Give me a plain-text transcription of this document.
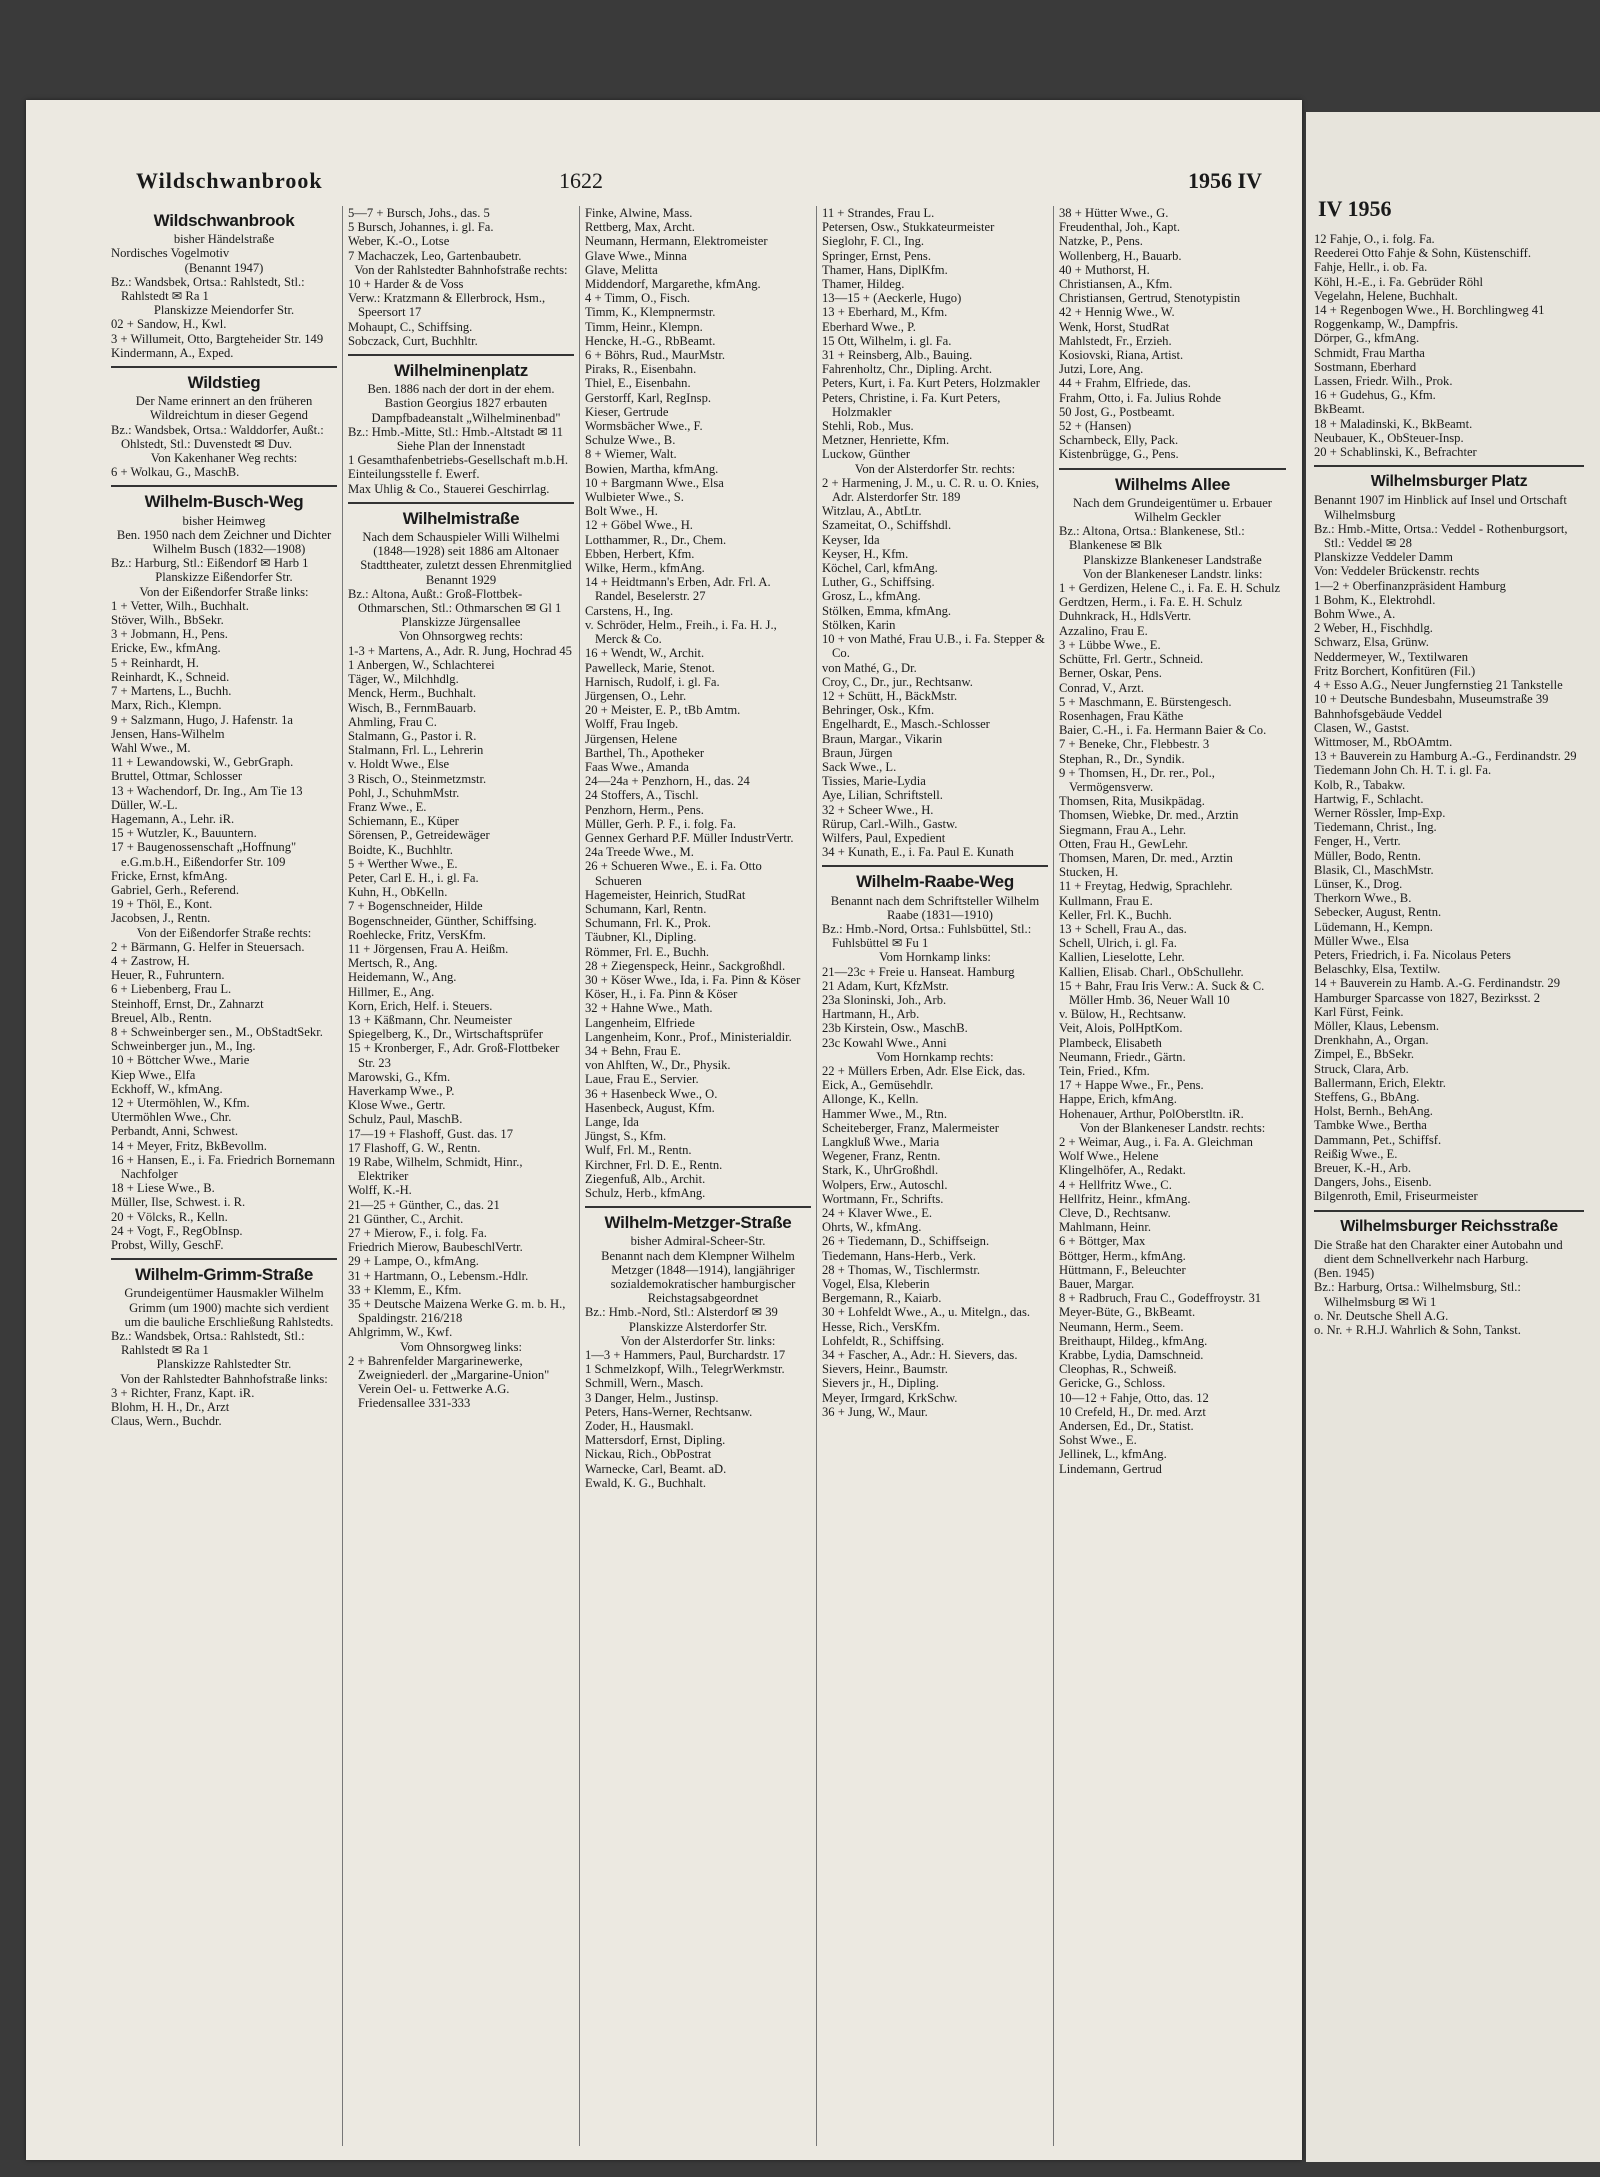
Wildschwanbrook	1622	1956 IV
Wildschwanbrook
bisher Händelstraße
Nordisches Vogelmotiv
(Benannt 1947)
Bz.: Wandsbek, Ortsa.: Rahlstedt, Stl.: Rahlstedt ✉ Ra 1
Planskizze Meiendorfer Str.
02 + Sandow, H., Kwl.
3 + Willumeit, Otto, Bargteheider Str. 149
Kindermann, A., Exped.
Wildstieg
Der Name erinnert an den früheren Wildreichtum in dieser Gegend
Bz.: Wandsbek, Ortsa.: Walddorfer, Außt.: Ohlstedt, Stl.: Duvenstedt ✉ Duv.
Von Kakenhaner Weg rechts:
6 + Wolkau, G., MaschB.
Wilhelm-Busch-Weg
bisher Heimweg
Ben. 1950 nach dem Zeichner und Dichter Wilhelm Busch (1832—1908)
Bz.: Harburg, Stl.: Eißendorf ✉ Harb 1
Planskizze Eißendorfer Str.
Von der Eißendorfer Straße links:
1 + Vetter, Wilh., Buchhalt.
Stöver, Wilh., BbSekr.
3 + Jobmann, H., Pens.
Ericke, Ew., kfmAng.
5 + Reinhardt, H.
Reinhardt, K., Schneid.
7 + Martens, L., Buchh.
Marx, Rich., Klempn.
9 + Salzmann, Hugo, J. Hafenstr. 1a
Jensen, Hans-Wilhelm
Wahl Wwe., M.
11 + Lewandowski, W., GebrGraph.
Bruttel, Ottmar, Schlosser
13 + Wachendorf, Dr. Ing., Am Tie 13
Düller, W.-L.
Hagemann, A., Lehr. iR.
15 + Wutzler, K., Bauuntern.
17 + Baugenossenschaft „Hoffnung" e.G.m.b.H., Eißendorfer Str. 109
Fricke, Ernst, kfmAng.
Gabriel, Gerh., Referend.
19 + Thöl, E., Kont.
Jacobsen, J., Rentn.
Von der Eißendorfer Straße rechts:
2 + Bärmann, G. Helfer in Steuersach.
4 + Zastrow, H.
Heuer, R., Fuhruntern.
6 + Liebenberg, Frau L.
Steinhoff, Ernst, Dr., Zahnarzt
Breuel, Alb., Rentn.
8 + Schweinberger sen., M., ObStadtSekr.
Schweinberger jun., M., Ing.
10 + Böttcher Wwe., Marie
Kiep Wwe., Elfa
Eckhoff, W., kfmAng.
12 + Utermöhlen, W., Kfm.
Utermöhlen Wwe., Chr.
Perbandt, Anni, Schwest.
14 + Meyer, Fritz, BkBevollm.
16 + Hansen, E., i. Fa. Friedrich Bornemann Nachfolger
18 + Liese Wwe., B.
Müller, Ilse, Schwest. i. R.
20 + Völcks, R., Kelln.
24 + Vogt, F., RegObInsp.
Probst, Willy, GeschF.
Wilhelm-Grimm-Straße
Grundeigentümer Hausmakler Wilhelm Grimm (um 1900) machte sich verdient um die bauliche Erschließung Rahlstedts.
Bz.: Wandsbek, Ortsa.: Rahlstedt, Stl.: Rahlstedt ✉ Ra 1
Planskizze Rahlstedter Str.
Von der Rahlstedter Bahnhofstraße links:
3 + Richter, Franz, Kapt. iR.
Blohm, H. H., Dr., Arzt
Claus, Wern., Buchdr.
5—7 + Bursch, Johs., das. 5
5 Bursch, Johannes, i. gl. Fa.
Weber, K.-O., Lotse
7 Machaczek, Leo, Gartenbaubetr.
Von der Rahlstedter Bahnhofstraße rechts:
10 + Harder & de Voss
Verw.: Kratzmann & Ellerbrock, Hsm., Speersort 17
Mohaupt, C., Schiffsing.
Sobczack, Curt, Buchhltr.
Wilhelminenplatz
Ben. 1886 nach der dort in der ehem. Bastion Georgius 1827 erbauten Dampfbadeanstalt „Wilhelminenbad"
Bz.: Hmb.-Mitte, Stl.: Hmb.-Altstadt ✉ 11
Siehe Plan der Innenstadt
1 Gesamthafenbetriebs-Gesellschaft m.b.H.
Einteilungsstelle f. Ewerf.
Max Uhlig & Co., Stauerei Geschirrlag.
Wilhelmistraße
Nach dem Schauspieler Willi Wilhelmi (1848—1928) seit 1886 am Altonaer Stadttheater, zuletzt dessen Ehrenmitglied
Benannt 1929
Bz.: Altona, Außt.: Groß-Flottbek-Othmarschen, Stl.: Othmarschen ✉ Gl 1
Planskizze Jürgensallee
Von Ohnsorgweg rechts:
1-3 + Martens, A., Adr. R. Jung, Hochrad 45
1 Anbergen, W., Schlachterei
Täger, W., Milchhdlg.
Menck, Herm., Buchhalt.
Wisch, B., FernmBauarb.
Ahmling, Frau C.
Stalmann, G., Pastor i. R.
Stalmann, Frl. L., Lehrerin
v. Holdt Wwe., Else
3 Risch, O., Steinmetzmstr.
Pohl, J., SchuhmMstr.
Franz Wwe., E.
Schiemann, E., Küper
Sörensen, P., Getreidewäger
Boidte, K., Buchhltr.
5 + Werther Wwe., E.
Peter, Carl E. H., i. gl. Fa.
Kuhn, H., ObKelln.
7 + Bogenschneider, Hilde
Bogenschneider, Günther, Schiffsing.
Roehlecke, Fritz, VersKfm.
11 + Jörgensen, Frau A. Heißm.
Mertsch, R., Ang.
Heidemann, W., Ang.
Hillmer, E., Ang.
Korn, Erich, Helf. i. Steuers.
13 + Käßmann, Chr. Neumeister
Spiegelberg, K., Dr., Wirtschaftsprüfer
15 + Kronberger, F., Adr. Groß-Flottbeker Str. 23
Marowski, G., Kfm.
Haverkamp Wwe., P.
Klose Wwe., Gertr.
Schulz, Paul, MaschB.
17—19 + Flashoff, Gust. das. 17
17 Flashoff, G. W., Rentn.
19 Rabe, Wilhelm, Schmidt, Hinr., Elektriker
Wolff, K.-H.
21—25 + Günther, C., das. 21
21 Günther, C., Archit.
27 + Mierow, F., i. folg. Fa.
Friedrich Mierow, BaubeschlVertr.
29 + Lampe, O., kfmAng.
31 + Hartmann, O., Lebensm.-Hdlr.
33 + Klemm, E., Kfm.
35 + Deutsche Maizena Werke G. m. b. H., Spaldingstr. 216/218
Ahlgrimm, W., Kwf.
Vom Ohnsorgweg links:
2 + Bahrenfelder Margarinewerke, Zweigniederl. der „Margarine-Union" Verein Oel- u. Fettwerke A.G. Friedensallee 331-333
Finke, Alwine, Mass.
Rettberg, Max, Archt.
Neumann, Hermann, Elektromeister
Glave Wwe., Minna
Glave, Melitta
Middendorf, Margarethe, kfmAng.
4 + Timm, O., Fisch.
Timm, K., Klempnermstr.
Timm, Heinr., Klempn.
Hencke, H.-G., RbBeamt.
6 + Böhrs, Rud., MaurMstr.
Piraks, R., Eisenbahn.
Thiel, E., Eisenbahn.
Gerstorff, Karl, RegInsp.
Kieser, Gertrude
Wormsbächer Wwe., F.
Schulze Wwe., B.
8 + Wiemer, Walt.
Bowien, Martha, kfmAng.
10 + Bargmann Wwe., Elsa
Wulbieter Wwe., S.
Bolt Wwe., H.
12 + Göbel Wwe., H.
Lotthammer, R., Dr., Chem.
Ebben, Herbert, Kfm.
Wilke, Herm., kfmAng.
14 + Heidtmann's Erben, Adr. Frl. A. Randel, Beselerstr. 27
Carstens, H., Ing.
v. Schröder, Helm., Freih., i. Fa. H. J., Merck & Co.
16 + Wendt, W., Archit.
Pawelleck, Marie, Stenot.
Harnisch, Rudolf, i. gl. Fa.
Jürgensen, O., Lehr.
20 + Meister, E. P., tBb Amtm.
Wolff, Frau Ingeb.
Jürgensen, Helene
Barthel, Th., Apotheker
Faas Wwe., Amanda
24—24a + Penzhorn, H., das. 24
24 Stoffers, A., Tischl.
Penzhorn, Herm., Pens.
Müller, Gerh. P. F., i. folg. Fa.
Gennex Gerhard P.F. Müller IndustrVertr.
24a Treede Wwe., M.
26 + Schueren Wwe., E. i. Fa. Otto Schueren
Hagemeister, Heinrich, StudRat
Schumann, Karl, Rentn.
Schumann, Frl. K., Prok.
Täubner, Kl., Dipling.
Römmer, Frl. E., Buchh.
28 + Ziegenspeck, Heinr., Sackgroßhdl.
30 + Köser Wwe., Ida, i. Fa. Pinn & Köser
Köser, H., i. Fa. Pinn & Köser
32 + Hahne Wwe., Math.
Langenheim, Elfriede
Langenheim, Konr., Prof., Ministerialdir.
34 + Behn, Frau E.
von Ahlften, W., Dr., Physik.
Laue, Frau E., Servier.
36 + Hasenbeck Wwe., O.
Hasenbeck, August, Kfm.
Lange, Ida
Jüngst, S., Kfm.
Wulf, Frl. M., Rentn.
Kirchner, Frl. D. E., Rentn.
Ziegenfuß, Alb., Archit.
Schulz, Herb., kfmAng.
Wilhelm-Metzger-Straße
bisher Admiral-Scheer-Str.
Benannt nach dem Klempner Wilhelm Metzger (1848—1914), langjähriger sozialdemokratischer hamburgischer Reichstagsabgeordnet
Bz.: Hmb.-Nord, Stl.: Alsterdorf ✉ 39
Planskizze Alsterdorfer Str.
Von der Alsterdorfer Str. links:
1—3 + Hammers, Paul, Burchardstr. 17
1 Schmelzkopf, Wilh., TelegrWerkmstr.
Schmill, Wern., Masch.
3 Danger, Helm., Justinsp.
Peters, Hans-Werner, Rechtsanw.
Zoder, H., Hausmakl.
Mattersdorf, Ernst, Dipling.
Nickau, Rich., ObPostrat
Warnecke, Carl, Beamt. aD.
Ewald, K. G., Buchhalt.
11 + Strandes, Frau L.
Petersen, Osw., Stukkateurmeister
Sieglohr, F. Cl., Ing.
Springer, Ernst, Pens.
Thamer, Hans, DiplKfm.
Thamer, Hildeg.
13—15 + (Aeckerle, Hugo)
13 + Eberhard, M., Kfm.
Eberhard Wwe., P.
15 Ott, Wilhelm, i. gl. Fa.
31 + Reinsberg, Alb., Bauing.
Fahrenholtz, Chr., Dipling. Archt.
Peters, Kurt, i. Fa. Kurt Peters, Holzmakler
Peters, Christine, i. Fa. Kurt Peters, Holzmakler
Stehli, Rob., Mus.
Metzner, Henriette, Kfm.
Luckow, Günther
Von der Alsterdorfer Str. rechts:
2 + Harmening, J. M., u. C. R. u. O. Knies, Adr. Alsterdorfer Str. 189
Witzlau, A., AbtLtr.
Szameitat, O., Schiffshdl.
Keyser, Ida
Keyser, H., Kfm.
Köchel, Carl, kfmAng.
Luther, G., Schiffsing.
Grosz, L., kfmAng.
Stölken, Emma, kfmAng.
Stölken, Karin
10 + von Mathé, Frau U.B., i. Fa. Stepper & Co.
von Mathé, G., Dr.
Croy, C., Dr., jur., Rechtsanw.
12 + Schütt, H., BäckMstr.
Behringer, Osk., Kfm.
Engelhardt, E., Masch.-Schlosser
Braun, Margar., Vikarin
Braun, Jürgen
Sack Wwe., L.
Tissies, Marie-Lydia
Aye, Lilian, Schriftstell.
32 + Scheer Wwe., H.
Rürup, Carl.-Wilh., Gastw.
Wilfers, Paul, Expedient
34 + Kunath, E., i. Fa. Paul E. Kunath
Wilhelm-Raabe-Weg
Benannt nach dem Schriftsteller Wilhelm Raabe (1831—1910)
Bz.: Hmb.-Nord, Ortsa.: Fuhlsbüttel, Stl.: Fuhlsbüttel ✉ Fu 1
Vom Hornkamp links:
21—23c + Freie u. Hanseat. Hamburg
21 Adam, Kurt, KfzMstr.
23a Sloninski, Joh., Arb.
Hartmann, H., Arb.
23b Kirstein, Osw., MaschB.
23c Kowahl Wwe., Anni
Vom Hornkamp rechts:
22 + Müllers Erben, Adr. Else Eick, das.
Eick, A., Gemüsehdlr.
Allonge, K., Kelln.
Hammer Wwe., M., Rtn.
Scheiteberger, Franz, Malermeister
Langkluß Wwe., Maria
Wegener, Franz, Rentn.
Stark, K., UhrGroßhdl.
Wolpers, Erw., Autoschl.
Wortmann, Fr., Schrifts.
24 + Klaver Wwe., E.
Ohrts, W., kfmAng.
26 + Tiedemann, D., Schiffseign.
Tiedemann, Hans-Herb., Verk.
28 + Thomas, W., Tischlermstr.
Vogel, Elsa, Kleberin
Bergemann, R., Kaiarb.
30 + Lohfeldt Wwe., A., u. Mitelgn., das.
Hesse, Rich., VersKfm.
Lohfeldt, R., Schiffsing.
34 + Fascher, A., Adr.: H. Sievers, das.
Sievers, Heinr., Baumstr.
Sievers jr., H., Dipling.
Meyer, Irmgard, KrkSchw.
36 + Jung, W., Maur.
38 + Hütter Wwe., G.
Freudenthal, Joh., Kapt.
Natzke, P., Pens.
Wollenberg, H., Bauarb.
40 + Muthorst, H.
Christiansen, A., Kfm.
Christiansen, Gertrud, Stenotypistin
42 + Hennig Wwe., W.
Wenk, Horst, StudRat
Mahlstedt, Fr., Erzieh.
Kosiovski, Riana, Artist.
Jutzi, Lore, Ang.
44 + Frahm, Elfriede, das.
Frahm, Otto, i. Fa. Julius Rohde
50 Jost, G., Postbeamt.
52 + (Hansen)
Scharnbeck, Elly, Pack.
Kistenbrügge, G., Pens.
Wilhelms Allee
Nach dem Grundeigentümer u. Erbauer Wilhelm Geckler
Bz.: Altona, Ortsa.: Blankenese, Stl.: Blankenese ✉ Blk
Planskizze Blankeneser Landstraße
Von der Blankeneser Landstr. links:
1 + Gerdizen, Helene C., i. Fa. E. H. Schulz
Gerdtzen, Herm., i. Fa. E. H. Schulz
Duhnkrack, H., HdlsVertr.
Azzalino, Frau E.
3 + Lübbe Wwe., E.
Schütte, Frl. Gertr., Schneid.
Berner, Oskar, Pens.
Conrad, V., Arzt.
5 + Maschmann, E. Bürstengesch.
Rosenhagen, Frau Käthe
Baier, C.-H., i. Fa. Hermann Baier & Co.
7 + Beneke, Chr., Flebbestr. 3
Stephan, R., Dr., Syndik.
9 + Thomsen, H., Dr. rer., Pol., Vermögensverw.
Thomsen, Rita, Musikpädag.
Thomsen, Wiebke, Dr. med., Arztin
Siegmann, Frau A., Lehr.
Otten, Frau H., GewLehr.
Thomsen, Maren, Dr. med., Arztin
Stucken, H.
11 + Freytag, Hedwig, Sprachlehr.
Kullmann, Frau E.
Keller, Frl. K., Buchh.
13 + Schell, Frau A., das.
Schell, Ulrich, i. gl. Fa.
Kallien, Lieselotte, Lehr.
Kallien, Elisab. Charl., ObSchullehr.
15 + Bahr, Frau Iris Verw.: A. Suck & C. Möller Hmb. 36, Neuer Wall 10
v. Bülow, H., Rechtsanw.
Veit, Alois, PolHptKom.
Plambeck, Elisabeth
Neumann, Friedr., Gärtn.
Tein, Fried., Kfm.
17 + Happe Wwe., Fr., Pens.
Happe, Erich, kfmAng.
Hohenauer, Arthur, PolOberstltn. iR.
Von der Blankeneser Landstr. rechts:
2 + Weimar, Aug., i. Fa. A. Gleichman
Wolf Wwe., Helene
Klingelhöfer, A., Redakt.
4 + Hellfritz Wwe., C.
Hellfritz, Heinr., kfmAng.
Cleve, D., Rechtsanw.
Mahlmann, Heinr.
6 + Böttger, Max
Böttger, Herm., kfmAng.
Hüttmann, F., Beleuchter
Bauer, Margar.
8 + Radbruch, Frau C., Godeffroystr. 31
Meyer-Büte, G., BkBeamt.
Neumann, Herm., Seem.
Breithaupt, Hildeg., kfmAng.
Krabbe, Lydia, Damschneid.
Cleophas, R., Schweiß.
Gericke, G., Schloss.
10—12 + Fahje, Otto, das. 12
10 Crefeld, H., Dr. med. Arzt
Andersen, Ed., Dr., Statist.
Sohst Wwe., E.
Jellinek, L., kfmAng.
Lindemann, Gertrud
IV 1956
12 Fahje, O., i. folg. Fa.
Reederei Otto Fahje & Sohn, Küstenschiff.
Fahje, Hellr., i. ob. Fa.
Köhl, H.-E., i. Fa. Gebrüder Röhl
Vegelahn, Helene, Buchhalt.
14 + Regenbogen Wwe., H. Borchlingweg 41
Roggenkamp, W., Dampfris.
Dörper, G., kfmAng.
Schmidt, Frau Martha
Sostmann, Eberhard
Lassen, Friedr. Wilh., Prok.
16 + Gudehus, G., Kfm.
BkBeamt.
18 + Maladinski, K., BkBeamt.
Neubauer, K., ObSteuer-Insp.
20 + Schablinski, K., Befrachter
Wilhelmsburger Platz
Benannt 1907 im Hinblick auf Insel und Ortschaft Wilhelmsburg
Bz.: Hmb.-Mitte, Ortsa.: Veddel - Rothenburgsort, Stl.: Veddel ✉ 28
Planskizze Veddeler Damm
Von: Veddeler Brückenstr. rechts
1—2 + Oberfinanzpräsident Hamburg
1 Bohm, K., Elektrohdl.
Bohm Wwe., A.
2 Weber, H., Fischhdlg.
Schwarz, Elsa, Grünw.
Neddermeyer, W., Textilwaren
Fritz Borchert, Konfitüren (Fil.)
4 + Esso A.G., Neuer Jungfernstieg 21 Tankstelle
10 + Deutsche Bundesbahn, Museumstraße 39
Bahnhofsgebäude Veddel
Clasen, W., Gastst.
Wittmoser, M., RbOAmtm.
13 + Bauverein zu Hamburg A.-G., Ferdinandstr. 29
Tiedemann John Ch. H. T. i. gl. Fa.
Kolb, R., Tabakw.
Hartwig, F., Schlacht.
Werner Rössler, Imp-Exp.
Tiedemann, Christ., Ing.
Fenger, H., Vertr.
Müller, Bodo, Rentn.
Blasik, Cl., MaschMstr.
Lünser, K., Drog.
Therkorn Wwe., B.
Sebecker, August, Rentn.
Lüdemann, H., Kempn.
Müller Wwe., Elsa
Peters, Friedrich, i. Fa. Nicolaus Peters
Belaschky, Elsa, Textilw.
14 + Bauverein zu Hamb. A.-G. Ferdinandstr. 29
Hamburger Sparcasse von 1827, Bezirksst. 2
Karl Fürst, Feink.
Möller, Klaus, Lebensm.
Drenkhahn, A., Organ.
Zimpel, E., BbSekr.
Struck, Clara, Arb.
Ballermann, Erich, Elektr.
Steffens, G., BbAng.
Holst, Bernh., BehAng.
Tambke Wwe., Bertha
Dammann, Pet., Schiffsf.
Reißig Wwe., E.
Breuer, K.-H., Arb.
Dangers, Johs., Eisenb.
Bilgenroth, Emil, Friseurmeister
Wilhelmsburger Reichsstraße
Die Straße hat den Charakter einer Autobahn und dient dem Schnellverkehr nach Harburg.
(Ben. 1945)
Bz.: Harburg, Ortsa.: Wilhelmsburg, Stl.: Wilhelmsburg ✉ Wi 1
o. Nr. Deutsche Shell A.G.
o. Nr. + R.H.J. Wahrlich & Sohn, Tankst.
